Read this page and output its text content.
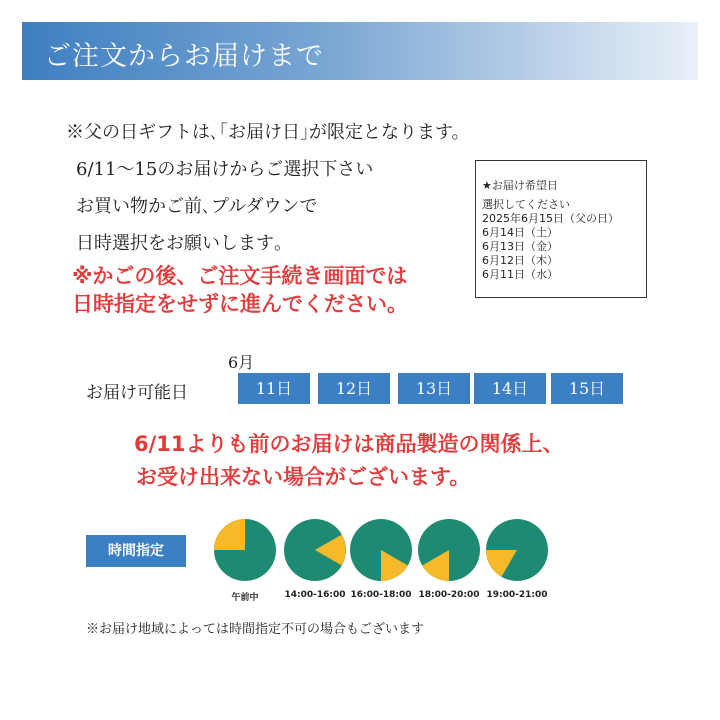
ご注文からお届けまで
※父の日ギフトは､｢お届け日｣が限定となります。
6/11〜15のお届けからご選択下さい
お買い物かご前､プルダウンで
日時選択をお願いします｡
※かごの後、ご注文手続き画面では
日時指定をせずに進んでください。
★お届け希望日
選択してください
2025年6月15日（父の日）
6月14日（土）
6月13日（金）
6月12日（木）
6月11日（水）
6月
お届け可能日	11日	12日	13日	14日	15日
6/11よりも前のお届けは商品製造の関係上、
お受け出来ない場合がございます。
時間指定
午前中	14:00-16:00 16:00-18:00 18:00-20:00 19:00-21:00
※お届け地域によっては時間指定不可の場合もございます
